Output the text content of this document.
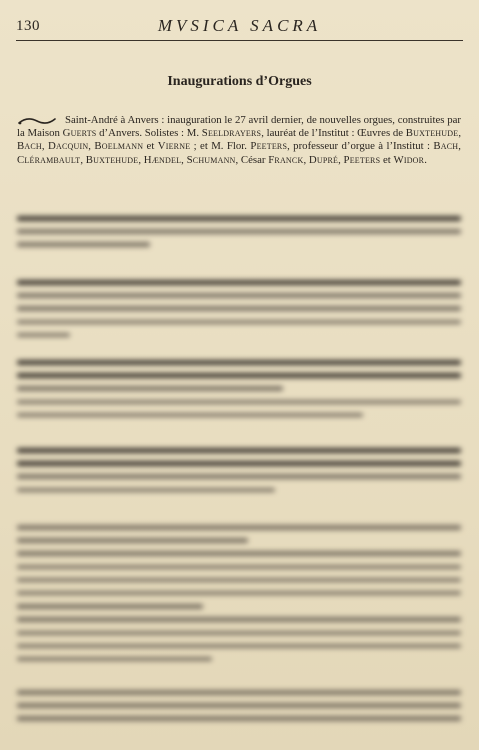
130	MVSICA SACRA
Inaugurations d’Orgues

Saint-André à Anvers : inauguration le 27 avril dernier, de nouvelles orgues, construites par la Maison Guerts d’Anvers. Solistes : M. Seeldrayers, lauréat de l’Institut : Œuvres de Buxtehude, Bach, Dacquin, Boelmann et Vierne ; et M. Flor. Peeters, professeur d’orgue à l’Institut : Bach, Clérambault, Buxtehude, Hændel, Schumann, César Franck, Dupré, Peeters et Widor.
